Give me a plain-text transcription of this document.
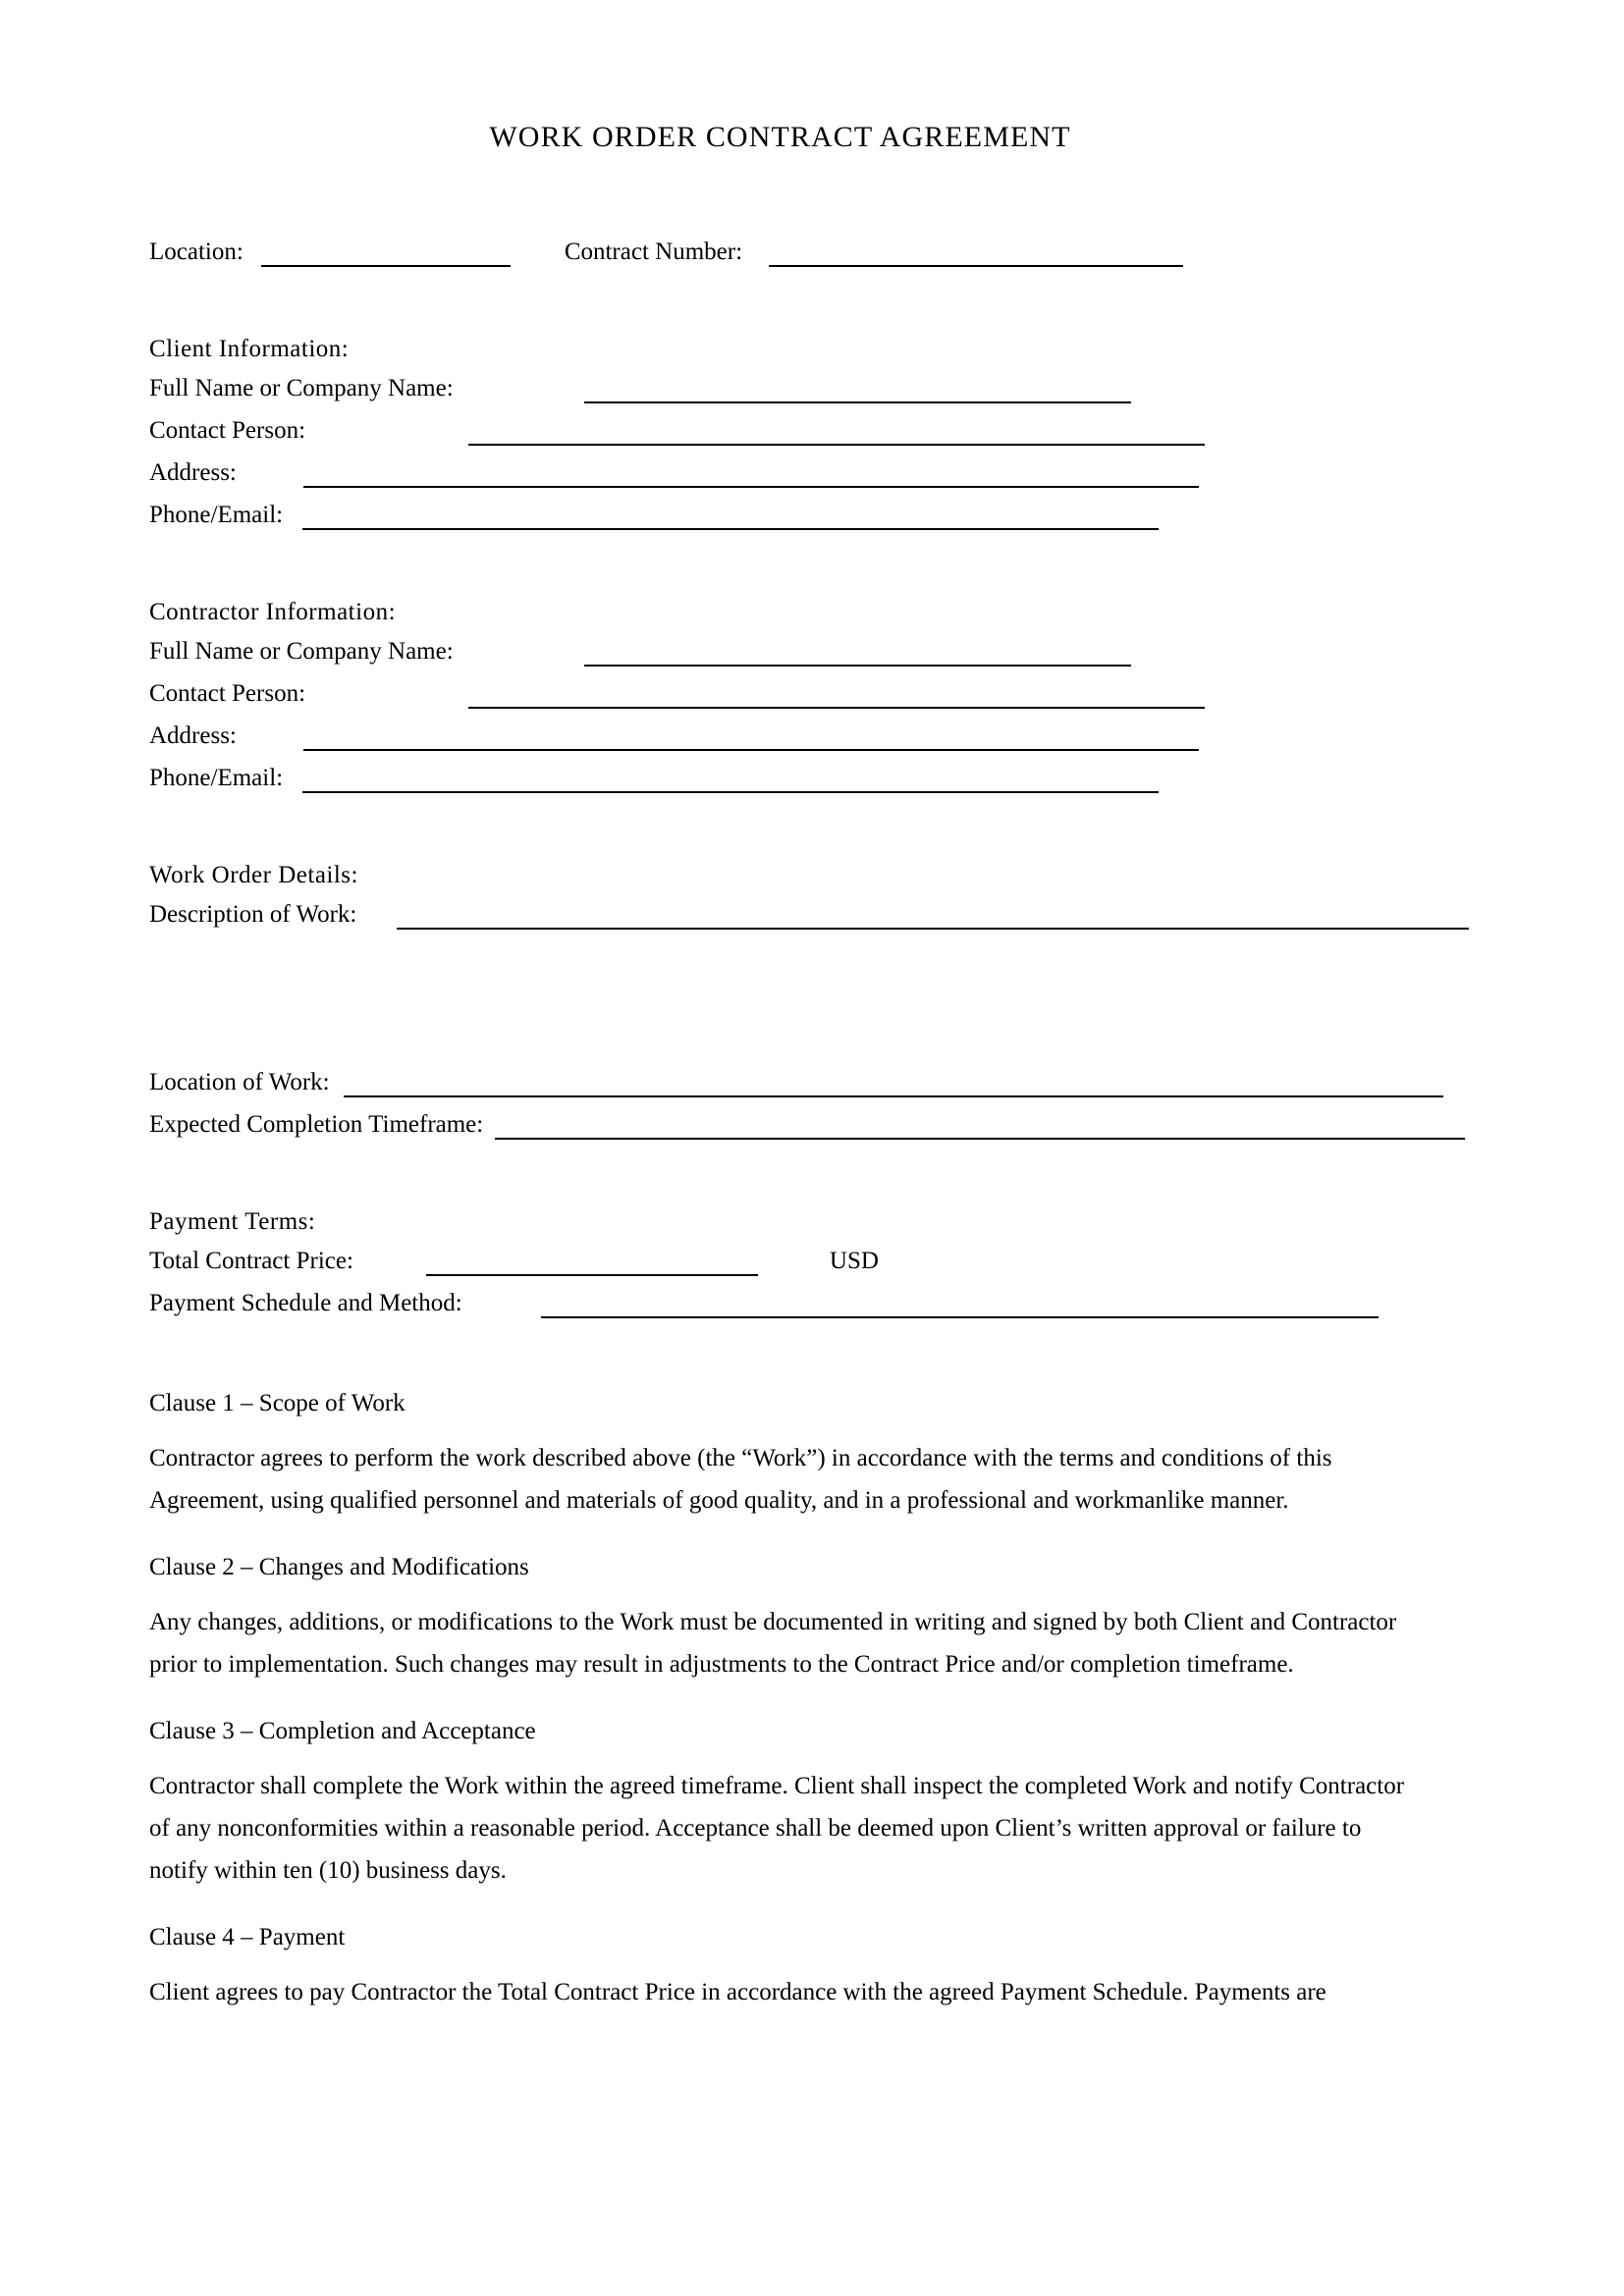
WORK ORDER CONTRACT AGREEMENT
Location:	Contract Number:
Client Information:
Full Name or Company Name:
Contact Person:
Address:
Phone/Email:
Contractor Information:
Full Name or Company Name:
Contact Person:
Address:
Phone/Email:
Work Order Details:
Description of Work:
Location of Work:
Expected Completion Timeframe:
Payment Terms:
Total Contract Price:	USD
Payment Schedule and Method:
Clause 1 – Scope of Work
Contractor agrees to perform the work described above (the “Work”) in accordance with the terms and conditions of this Agreement, using qualified personnel and materials of good quality, and in a professional and workmanlike manner.
Clause 2 – Changes and Modifications
Any changes, additions, or modifications to the Work must be documented in writing and signed by both Client and Contractor prior to implementation. Such changes may result in adjustments to the Contract Price and/or completion timeframe.
Clause 3 – Completion and Acceptance
Contractor shall complete the Work within the agreed timeframe. Client shall inspect the completed Work and notify Contractor of any nonconformities within a reasonable period. Acceptance shall be deemed upon Client’s written approval or failure to notify within ten (10) business days.
Clause 4 – Payment
Client agrees to pay Contractor the Total Contract Price in accordance with the agreed Payment Schedule. Payments are
